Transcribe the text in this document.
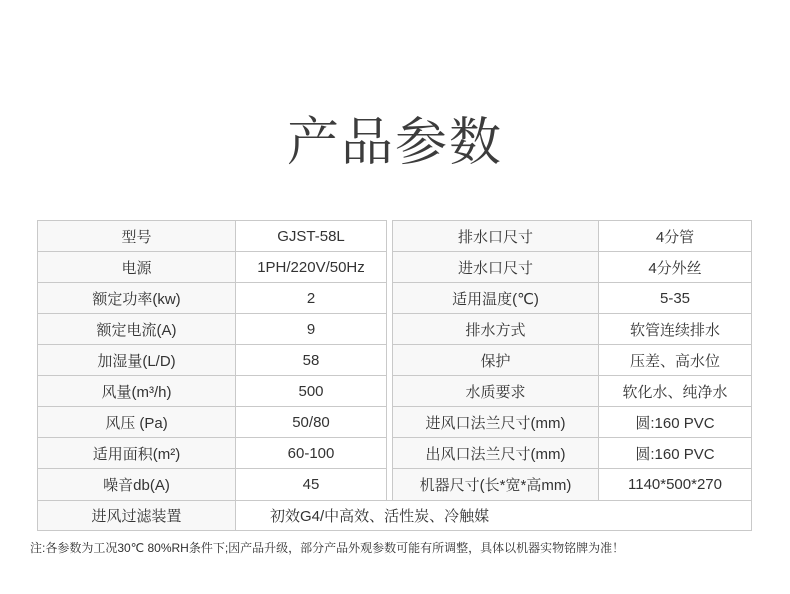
产品参数
型号	GJST-58L
电源	1PH/220V/50Hz
额定功率(kw)	2
额定电流(A)	9
加湿量(L/D)	58
风量(m³/h)	500
风压 (Pa)	50/80
适用面积(m²)	60-100
噪音db(A)	45
排水口尺寸	4分管
进水口尺寸	4分外丝
适用温度(℃)	5-35
排水方式	软管连续排水
保护	压差、高水位
水质要求	软化水、纯净水
进风口法兰尺寸(mm)	圆:160 PVC
出风口法兰尺寸(mm)	圆:160 PVC
机器尺寸(长*宽*高mm)	1140*500*270
进风过滤装置	初效G4/中高效、活性炭、冷触媒
注:各参数为工况30℃ 80%RH条件下;因产品升级，部分产品外观参数可能有所调整，具体以机器实物铭牌为准！
